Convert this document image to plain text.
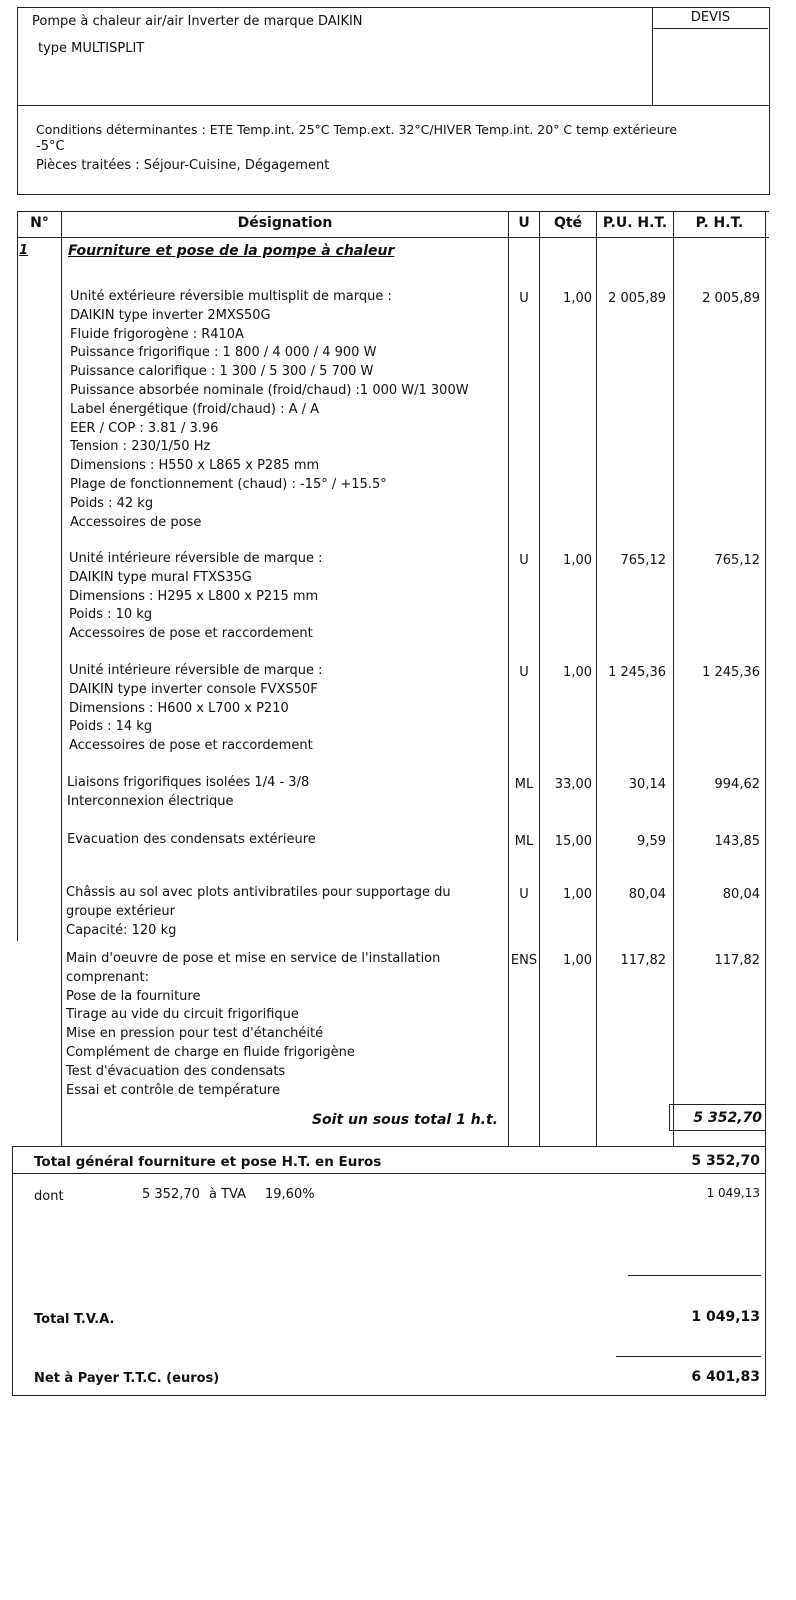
Pompe à chaleur air/air Inverter de marque DAIKIN
type MULTISPLIT
DEVIS
Conditions déterminantes : ETE Temp.int. 25°C Temp.ext. 32°C/HIVER Temp.int. 20° C temp extérieure
-5°C
Pièces traitées : Séjour-Cuisine, Dégagement
N°	Désignation	U	Qté	P.U. H.T.	P. H.T.
1	Fourniture et pose de la pompe à chaleur
Unité extérieure réversible multisplit de marque :
DAIKIN type inverter 2MXS50G
Fluide frigorogène : R410A
Puissance frigorifique : 1 800 / 4 000 / 4 900 W
Puissance calorifique : 1 300 / 5 300 / 5 700 W
Puissance absorbée nominale (froid/chaud) :1 000 W/1 300W
Label énergétique (froid/chaud) : A / A
EER / COP : 3.81 / 3.96
Tension : 230/1/50 Hz
Dimensions : H550 x L865 x P285 mm
Plage de fonctionnement (chaud) : -15° / +15.5°
Poids : 42 kg
Accessoires de pose
U	1,00	2 005,89	2 005,89
Unité intérieure réversible de marque :
DAIKIN type mural FTXS35G
Dimensions : H295 x L800 x P215 mm
Poids : 10 kg
Accessoires de pose et raccordement
U	1,00	765,12	765,12
Unité intérieure réversible de marque :
DAIKIN type inverter console FVXS50F
Dimensions : H600 x L700 x P210
Poids : 14 kg
Accessoires de pose et raccordement
U	1,00	1 245,36	1 245,36
Liaisons frigorifiques isolées 1/4 - 3/8
Interconnexion électrique
ML	33,00	30,14	994,62
Evacuation des condensats extérieure	ML	15,00	9,59	143,85
Châssis au sol avec plots antivibratiles pour supportage du
groupe extérieur
Capacité: 120 kg
U	1,00	80,04	80,04
Main d'oeuvre de pose et mise en service de l'installation
comprenant:
Pose de la fourniture
Tirage au vide du circuit frigorifique
Mise en pression pour test d'étanchéité
Complément de charge en fluide frigorigène
Test d'évacuation des condensats
Essai et contrôle de température
ENS	1,00	117,82	117,82
Soit un sous total 1 h.t.	5 352,70
Total général fourniture et pose H.T. en Euros	5 352,70
dont	5 352,70 à TVA 19,60%	1 049,13
Total T.V.A.	1 049,13
Net à Payer T.T.C. (euros)	6 401,83
